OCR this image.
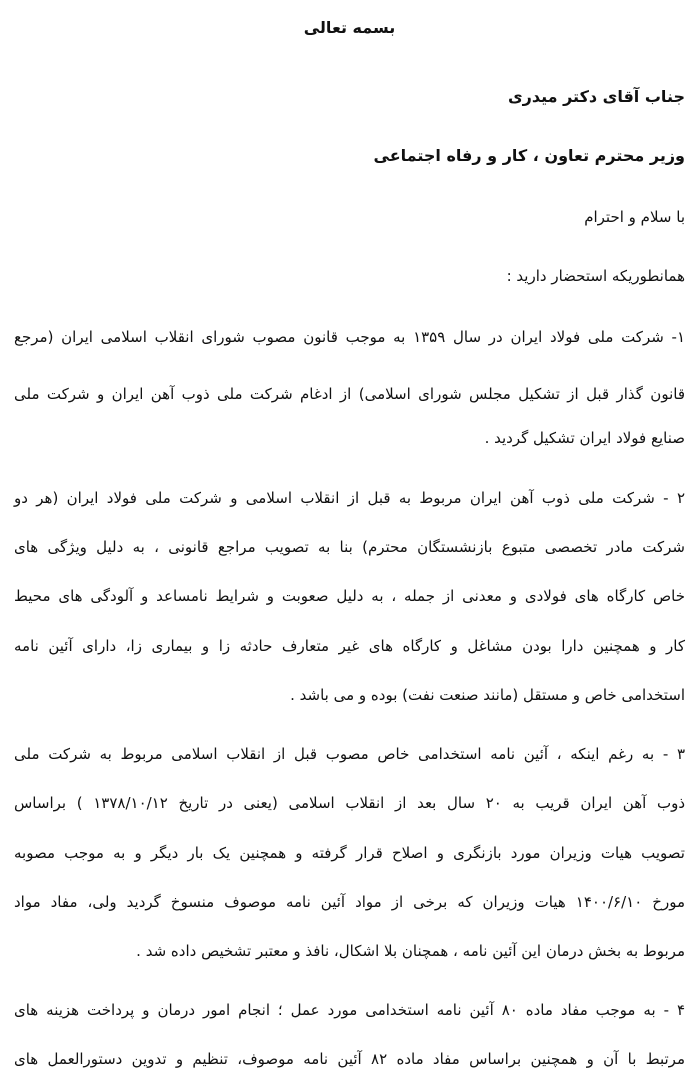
بسمه تعالی
جناب آقای دکتر میدری
وزیر محترم تعاون ، کار و رفاه اجتماعی
با سلام و احترام
همانطوریکه استحضار دارید :
۱- شرکت ملی فولاد ایران در سال ۱۳۵۹ به موجب قانون مصوب شورای انقلاب اسلامی ایران (مرجع
قانون گذار قبل از تشکیل مجلس شورای اسلامی) از ادغام شرکت ملی ذوب آهن ایران و شرکت ملی
صنایع فولاد ایران تشکیل گردید .
۲ - شرکت ملی ذوب آهن ایران مربوط به قبل از انقلاب اسلامی و شرکت ملی فولاد ایران (هر دو
شرکت مادر تخصصی متبوع بازنشستگان محترم) بنا به تصویب مراجع قانونی ، به دلیل ویژگی های
خاص کارگاه های فولادی و معدنی از جمله ، به دلیل صعوبت و شرایط نامساعد و آلودگی های محیط
کار و همچنین دارا بودن مشاغل و کارگاه های غیر متعارف حادثه زا و بیماری زا، دارای آئین نامه
استخدامی خاص و مستقل (مانند صنعت نفت) بوده و می باشد .
۳ - به رغم اینکه ، آئین نامه استخدامی خاص مصوب قبل از انقلاب اسلامی مربوط به شرکت ملی
ذوب آهن ایران قریب به ۲۰ سال بعد از انقلاب اسلامی (یعنی در تاریخ ۱۳۷۸/۱۰/۱۲ ) براساس
تصویب هیات وزیران مورد بازنگری و اصلاح قرار گرفته و همچنین یک بار دیگر و به موجب مصوبه
مورخ ۱۴۰۰/۶/۱۰ هیات وزیران که برخی از مواد آئین نامه موصوف منسوخ گردید ولی، مفاد مواد
مربوط به بخش درمان این آئین نامه ، همچنان بلا اشکال، نافذ و معتبر تشخیص داده شد .
۴ - به موجب مفاد ماده ۸۰ آئین نامه استخدامی مورد عمل ؛ انجام امور درمان و پرداخت هزینه های
مرتبط با آن و همچنین براساس مفاد ماده ۸۲ آئین نامه موصوف، تنظیم و تدوین دستورالعمل های
